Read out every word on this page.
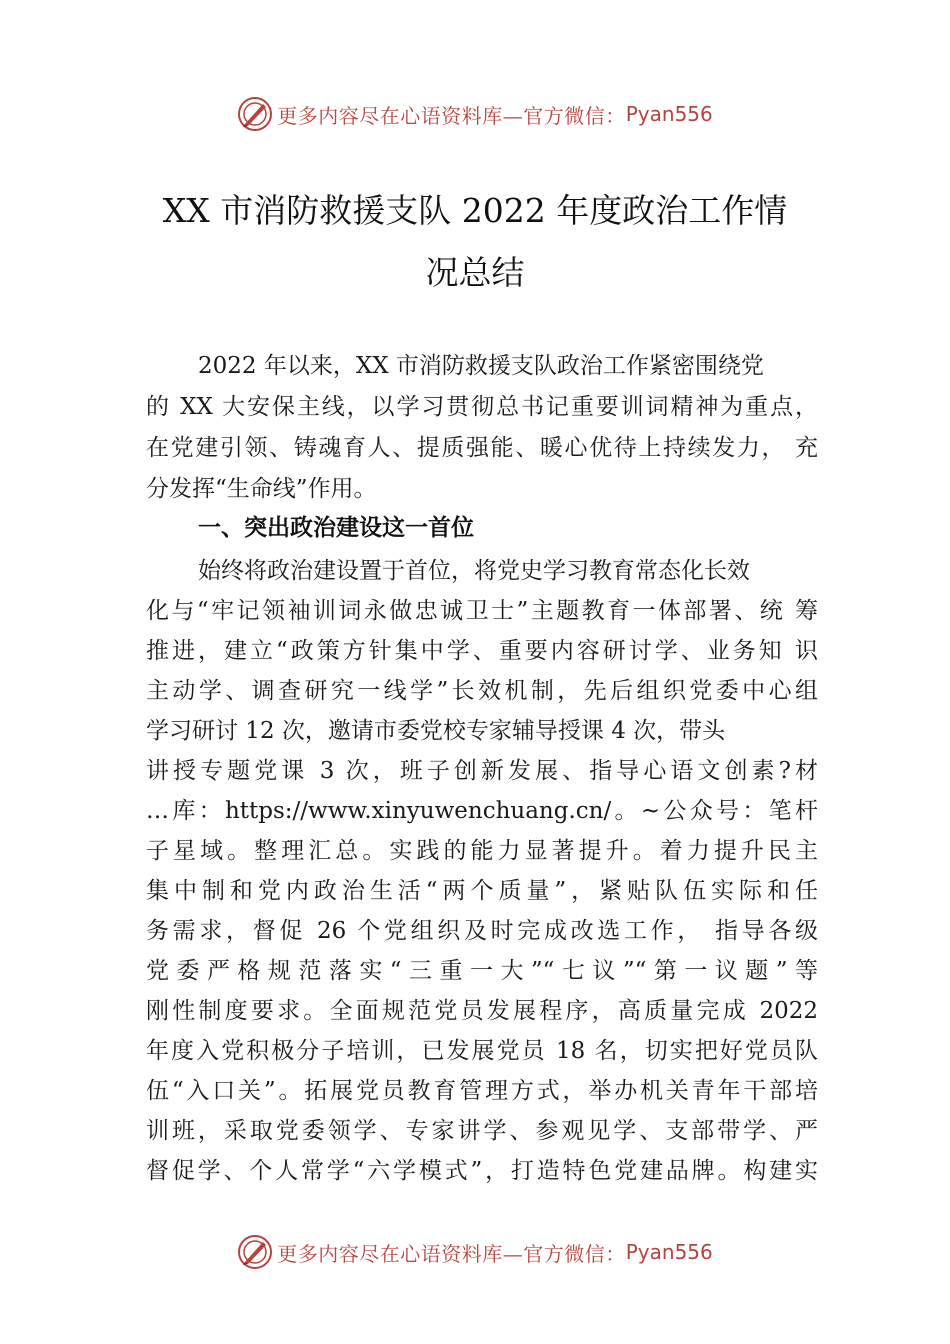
更多内容尽在心语资料库—官方微信： Pyan556
XX 市消防救援支队 2022 年度政治工作情
况总结
2022 年以来，XX 市消防救援支队政治工作紧密围绕党
的 XX 大安保主线，以学习贯彻总书记重要训词精神为重点，
在党建引领、铸魂育人、提质强能、暖心优待上持续发力， 充
分发挥“生命线”作用。
一、突出政治建设这一首位
始终将政治建设置于首位，将党史学习教育常态化长效
化与“牢记领袖训词永做忠诚卫士”主题教育一体部署、统 筹
推进，建立“政策方针集中学、重要内容研讨学、业务知 识
主动学、调查研究一线学”长效机制，先后组织党委中心组
学习研讨 12 次，邀请市委党校专家辅导授课 4 次，带头
讲授专题党课 3 次，班子创新发展、指导心语文创素?材
…库：https://www.xinyuwenchuang.cn/。~公众号：笔杆
子星域。整理汇总。实践的能力显著提升。着力提升民主
集中制和党内政治生活“两个质量”，紧贴队伍实际和任
务需求，督促 26 个党组织及时完成改选工作， 指导各级
党委严格规范落实“三重一大”“七议”“第一议题”等
刚性制度要求。全面规范党员发展程序，高质量完成 2022
年度入党积极分子培训，已发展党员 18 名，切实把好党员队
伍“入口关”。拓展党员教育管理方式，举办机关青年干部培
训班，采取党委领学、专家讲学、参观见学、支部带学、严
督促学、个人常学“六学模式”，打造特色党建品牌。构建实
更多内容尽在心语资料库—官方微信： Pyan556
